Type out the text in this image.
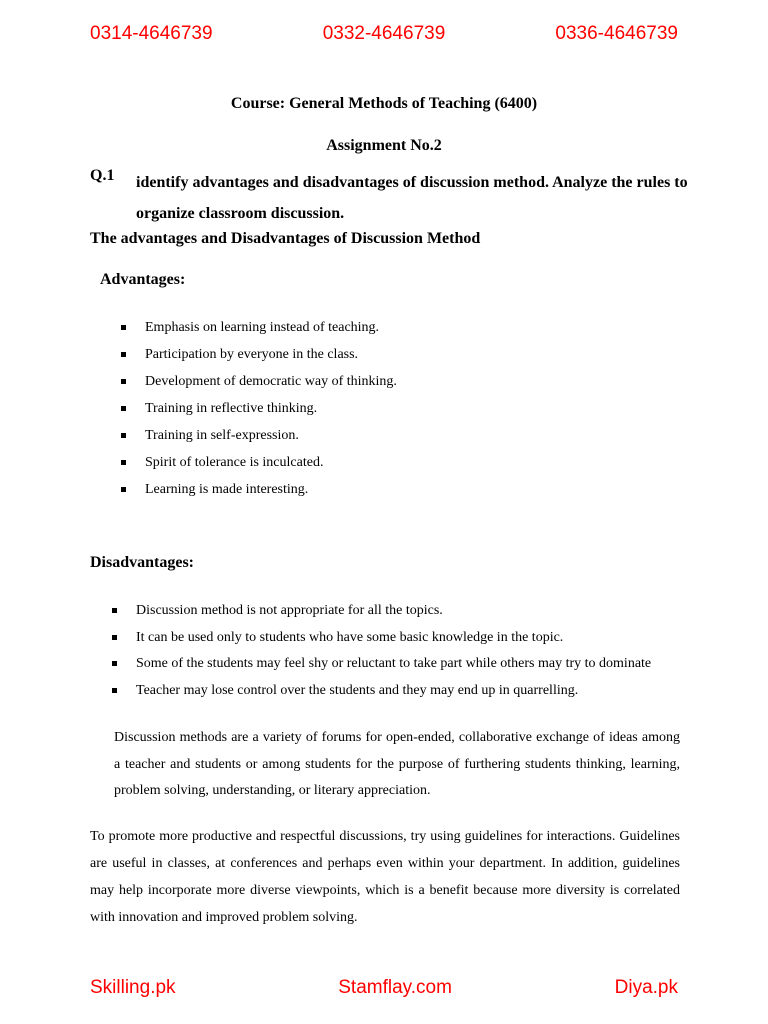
0314-4646739	0332-4646739	0336-4646739
Course: General Methods of Teaching (6400)
Assignment No.2
Q.1 identify advantages and disadvantages of discussion method. Analyze the rules to organize classroom discussion.
The advantages and Disadvantages of Discussion Method
Advantages:
Emphasis on learning instead of teaching.
Participation by everyone in the class.
Development of democratic way of thinking.
Training in reflective thinking.
Training in self-expression.
Spirit of tolerance is inculcated.
Learning is made interesting.
Disadvantages:
Discussion method is not appropriate for all the topics.
It can be used only to students who have some basic knowledge in the topic.
Some of the students may feel shy or reluctant to take part while others may try to dominate
Teacher may lose control over the students and they may end up in quarrelling.
Discussion methods are a variety of forums for open-ended, collaborative exchange of ideas among a teacher and students or among students for the purpose of furthering students thinking, learning, problem solving, understanding, or literary appreciation.
To promote more productive and respectful discussions, try using guidelines for interactions. Guidelines are useful in classes, at conferences and perhaps even within your department. In addition, guidelines may help incorporate more diverse viewpoints, which is a benefit because more diversity is correlated with innovation and improved problem solving.
Skilling.pk	Stamflay.com	Diya.pk
